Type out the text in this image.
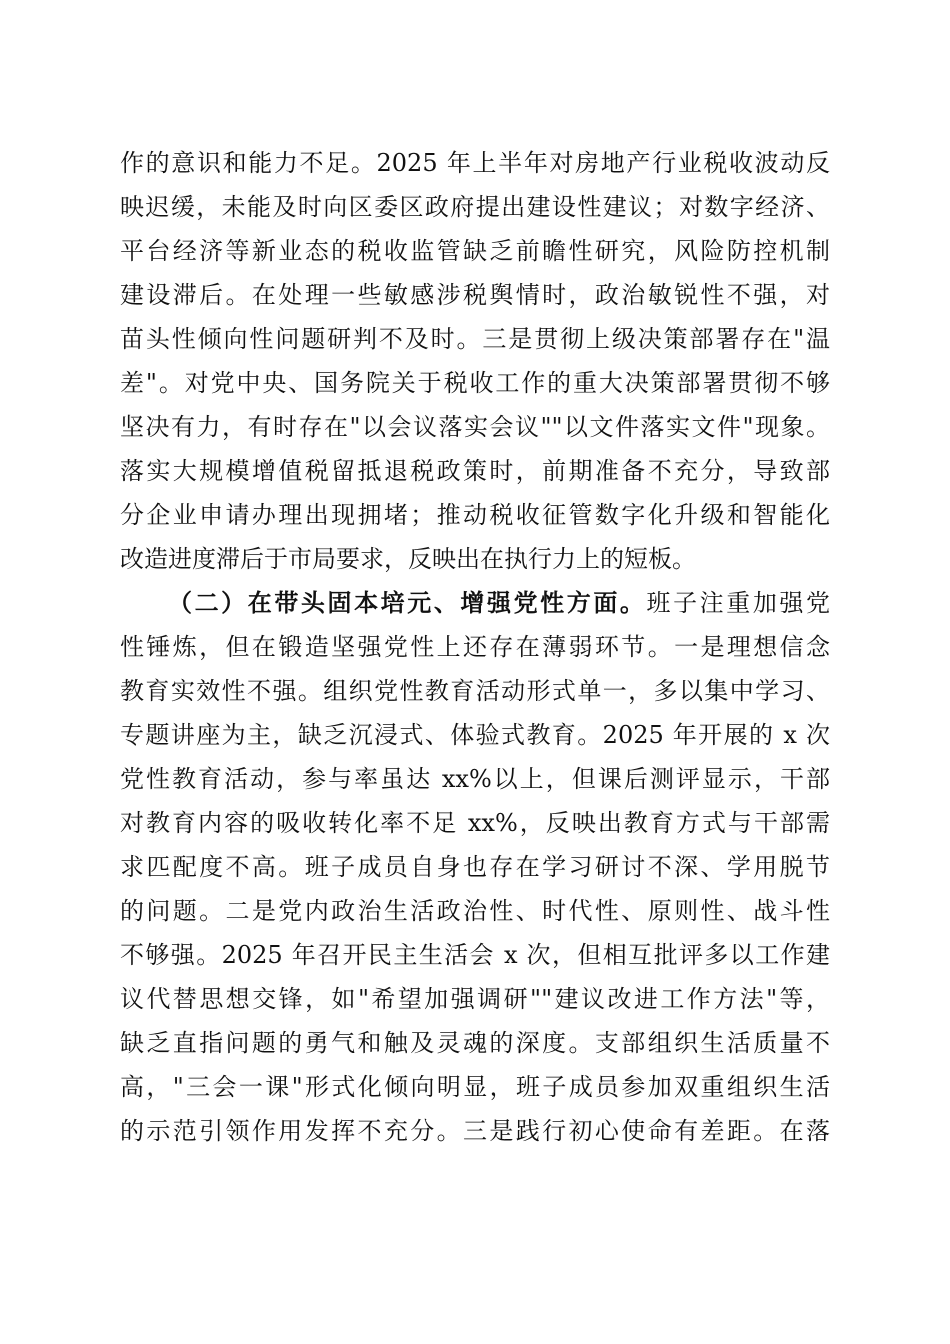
作的意识和能力不足。2025 年上半年对房地产行业税收波动反
映迟缓，未能及时向区委区政府提出建设性建议；对数字经济、
平台经济等新业态的税收监管缺乏前瞻性研究，风险防控机制
建设滞后。在处理一些敏感涉税舆情时，政治敏锐性不强，对
苗头性倾向性问题研判不及时。三是贯彻上级决策部署存在"温
差"。对党中央、国务院关于税收工作的重大决策部署贯彻不够
坚决有力，有时存在"以会议落实会议""以文件落实文件"现象。
落实大规模增值税留抵退税政策时，前期准备不充分，导致部
分企业申请办理出现拥堵；推动税收征管数字化升级和智能化
改造进度滞后于市局要求，反映出在执行力上的短板。
（二）在带头固本培元、增强党性方面。班子注重加强党
性锤炼，但在锻造坚强党性上还存在薄弱环节。一是理想信念
教育实效性不强。组织党性教育活动形式单一，多以集中学习、
专题讲座为主，缺乏沉浸式、体验式教育。2025 年开展的 x 次
党性教育活动，参与率虽达 xx%以上，但课后测评显示，干部
对教育内容的吸收转化率不足 xx%，反映出教育方式与干部需
求匹配度不高。班子成员自身也存在学习研讨不深、学用脱节
的问题。二是党内政治生活政治性、时代性、原则性、战斗性
不够强。2025 年召开民主生活会 x 次，但相互批评多以工作建
议代替思想交锋，如"希望加强调研""建议改进工作方法"等，
缺乏直指问题的勇气和触及灵魂的深度。支部组织生活质量不
高，"三会一课"形式化倾向明显，班子成员参加双重组织生活
的示范引领作用发挥不充分。三是践行初心使命有差距。在落
